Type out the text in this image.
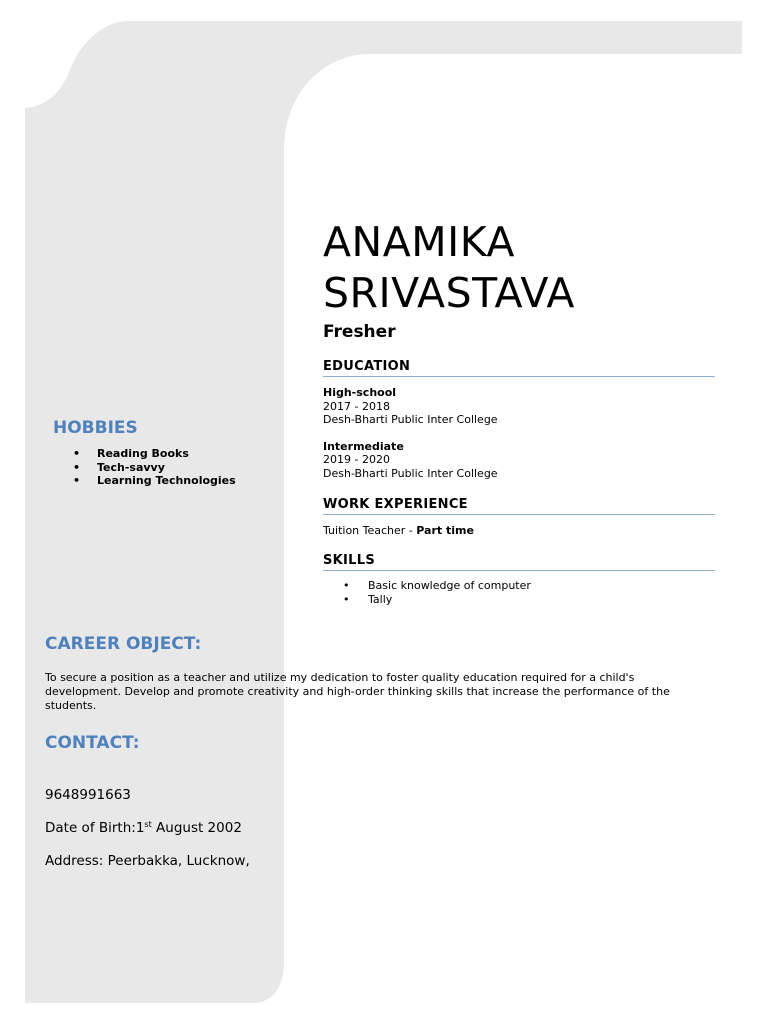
ANAMIKA
SRIVASTAVA
Fresher
EDUCATION
High-school
2017 - 2018
Desh-Bharti Public Inter College
Intermediate
2019 - 2020
Desh-Bharti Public Inter College
WORK EXPERIENCE
Tuition Teacher - Part time
SKILLS
• Basic knowledge of computer
• Tally
HOBBIES
• Reading Books
• Tech-savvy
• Learning Technologies
CAREER OBJECT:
To secure a position as a teacher and utilize my dedication to foster quality education required for a child's development. Develop and promote creativity and high-order thinking skills that increase the performance of the students.
CONTACT:
9648991663
Date of Birth:1st August 2002
Address: Peerbakka, Lucknow,
